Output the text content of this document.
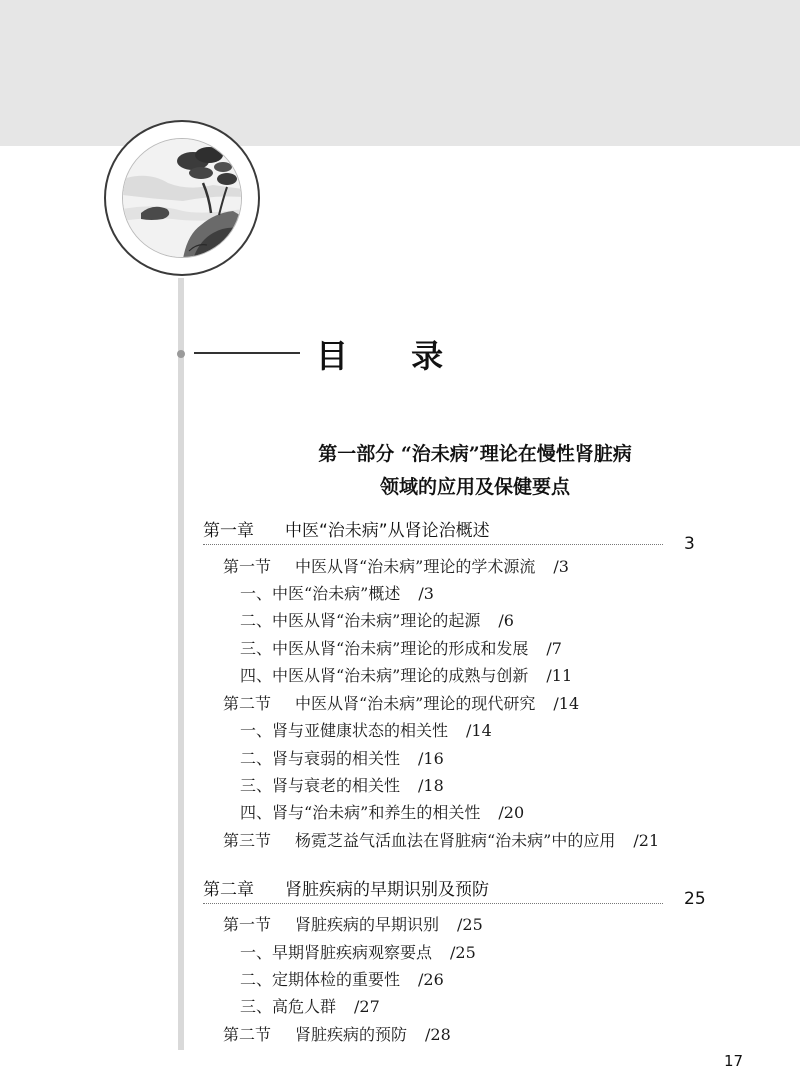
目 录
第一部分 “治未病”理论在慢性肾脏病
领域的应用及保健要点
第一章 中医“治未病”从肾论治概述
3
第一节 中医从肾“治未病”理论的学术源流 /3
一、中医“治未病”概述 /3
二、中医从肾“治未病”理论的起源 /6
三、中医从肾“治未病”理论的形成和发展 /7
四、中医从肾“治未病”理论的成熟与创新 /11
第二节 中医从肾“治未病”理论的现代研究 /14
一、肾与亚健康状态的相关性 /14
二、肾与衰弱的相关性 /16
三、肾与衰老的相关性 /18
四、肾与“治未病”和养生的相关性 /20
第三节 杨霓芝益气活血法在肾脏病“治未病”中的应用 /21
第二章 肾脏疾病的早期识别及预防	25
第一节 肾脏疾病的早期识别 /25
一、早期肾脏疾病观察要点 /25
二、定期体检的重要性 /26
三、高危人群 /27
第二节 肾脏疾病的预防 /28
17
